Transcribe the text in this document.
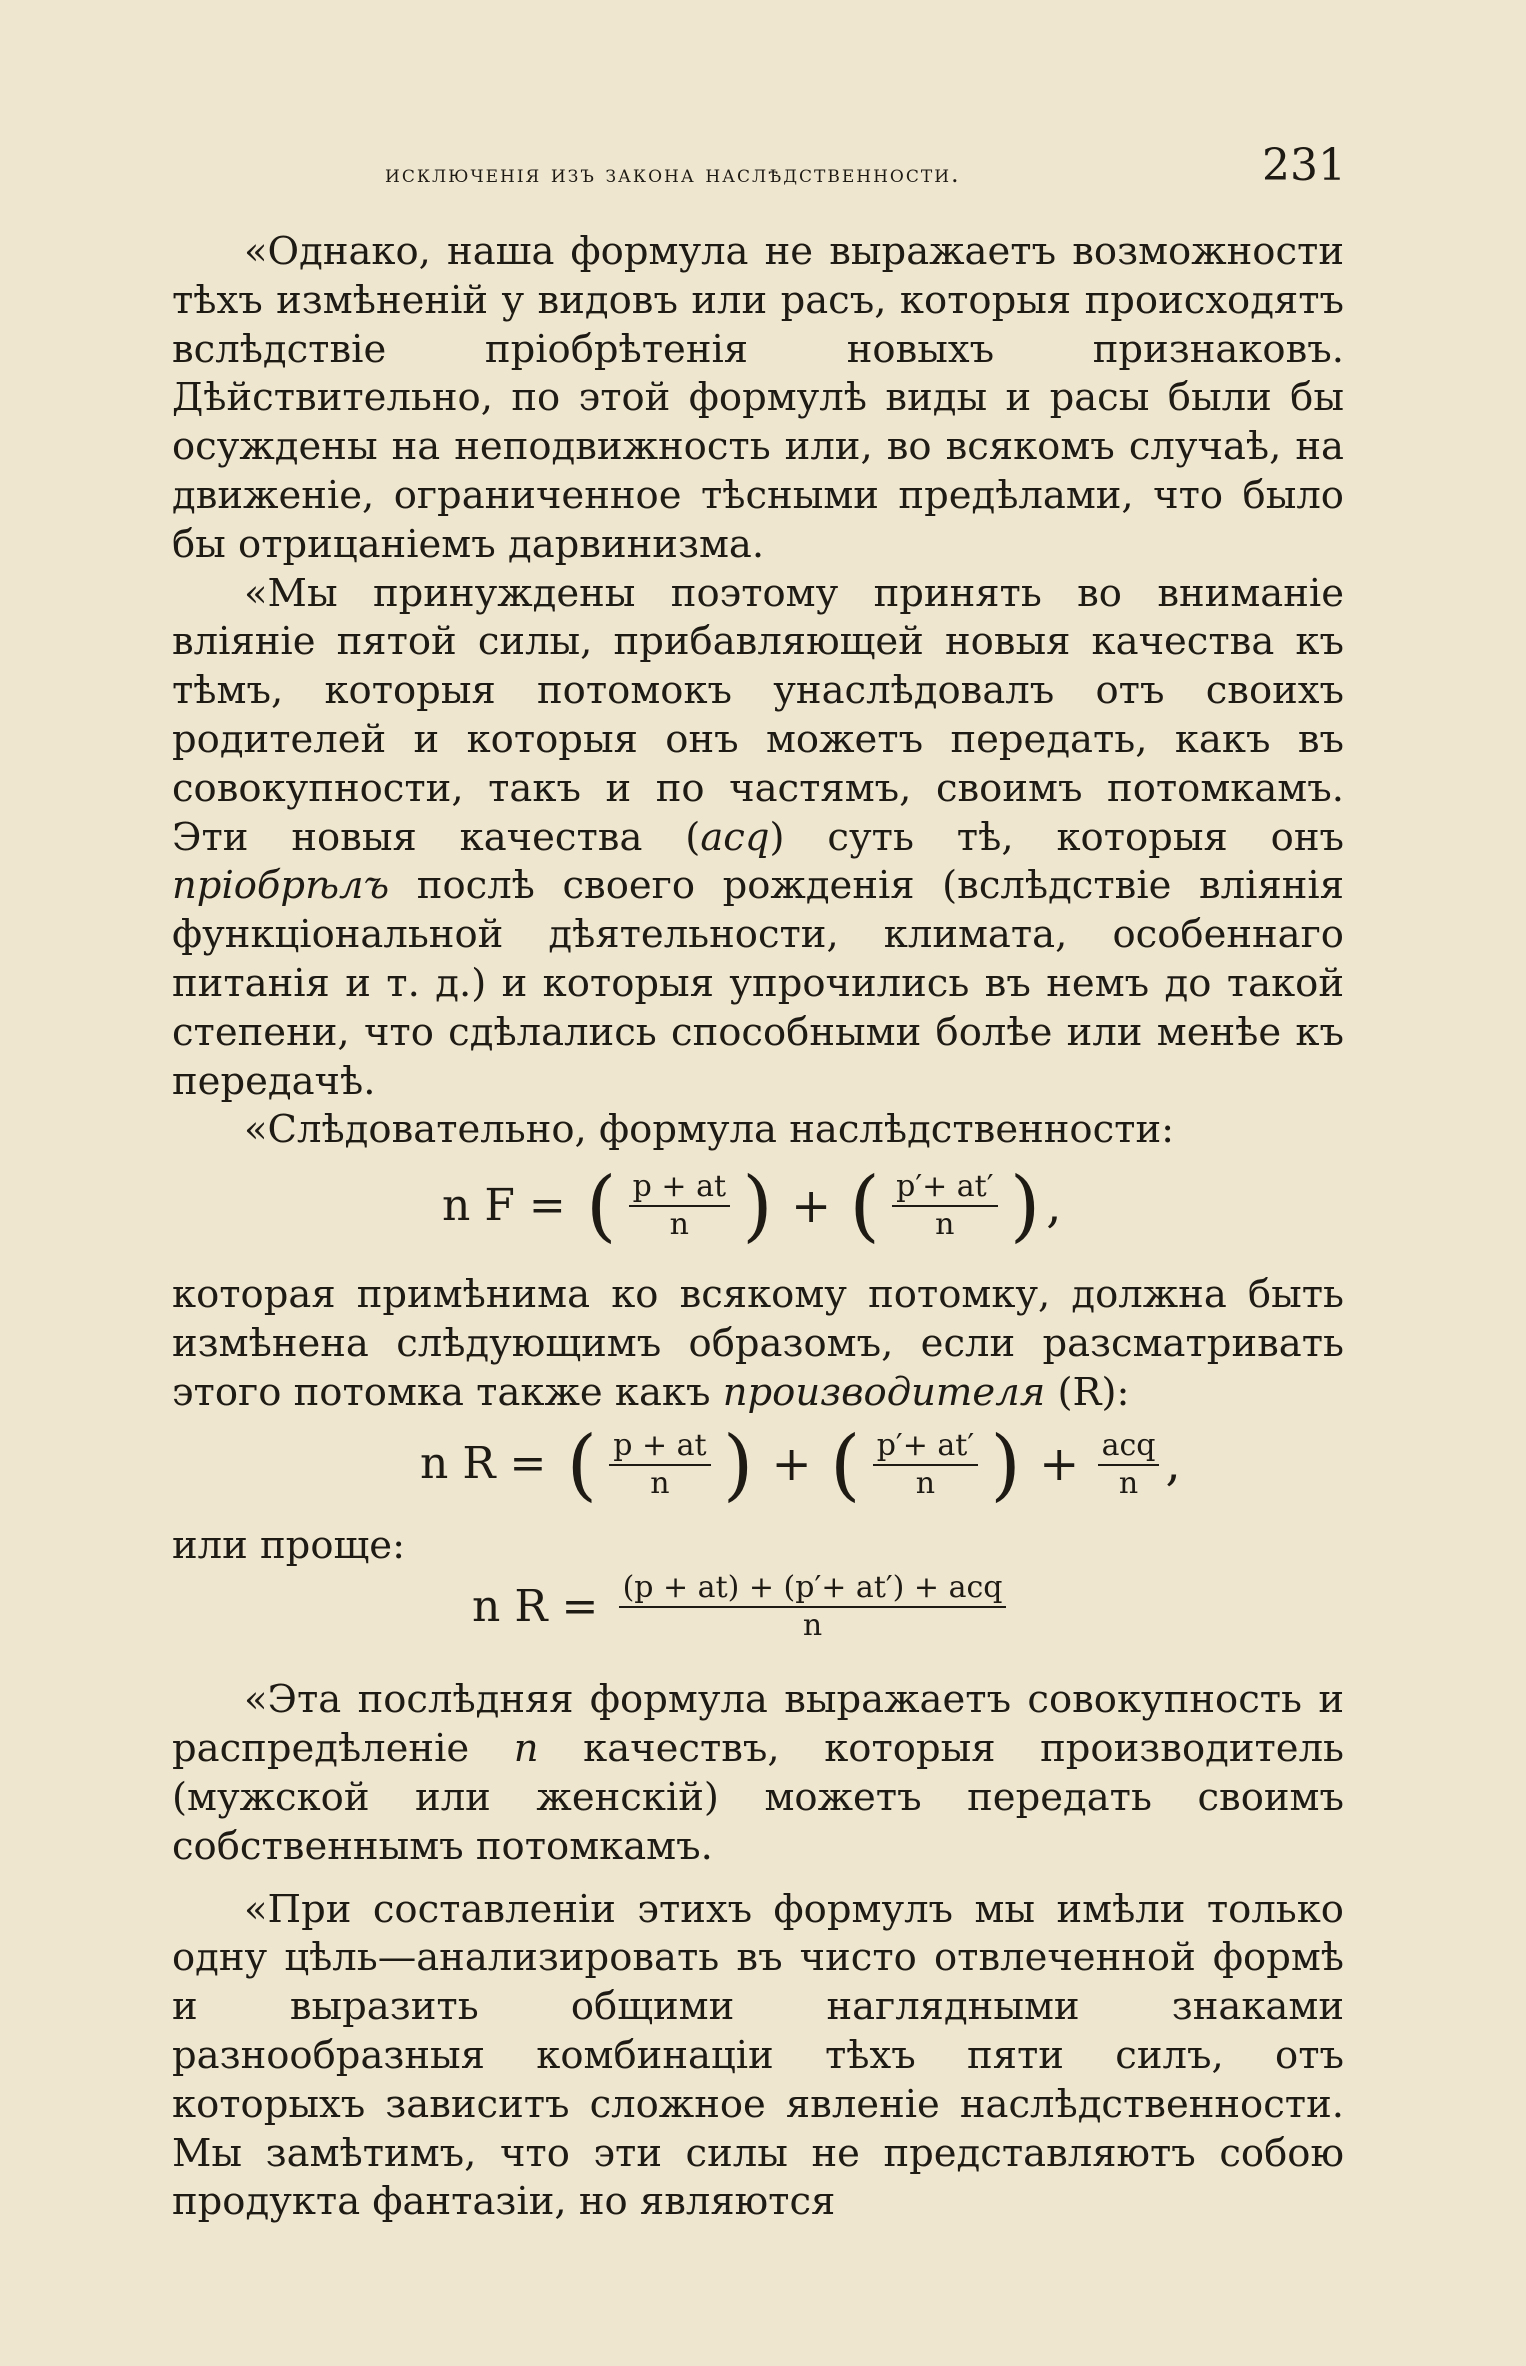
исключенія изъ закона наслѣдственности.	231

«Однако, наша формула не выражаетъ возможности тѣхъ измѣненій у видовъ или расъ, которыя происходятъ вслѣдствіе пріобрѣтенія новыхъ признаковъ. Дѣйствительно, по этой формулѣ виды и расы были бы осуждены на неподвижность или, во всякомъ случаѣ, на движеніе, ограниченное тѣсными предѣлами, что было бы отрицаніемъ дарвинизма.

«Мы принуждены поэтому принять во вниманіе вліяніе пятой силы, прибавляющей новыя качества къ тѣмъ, которыя потомокъ унаслѣдовалъ отъ своихъ родителей и которыя онъ можетъ передать, какъ въ совокупности, такъ и по частямъ, своимъ потомкамъ. Эти новыя качества (acq) суть тѣ, которыя онъ пріобрѣлъ послѣ своего рожденія (вслѣдствіе вліянія функціональной дѣятельности, климата, особеннаго питанія и т. д.) и которыя упрочились въ немъ до такой степени, что сдѣлались способными болѣе или менѣе къ передачѣ.

«Слѣдовательно, формула наслѣдственности:

n F = ( $\frac{p + at}{n}$ ) + ( $\frac{p'+ at'}{n}$ ) ,

которая примѣнима ко всякому потомку, должна быть измѣнена слѣдующимъ образомъ, если разсматривать этого потомка также какъ производителя (R):

n R = ( $\frac{p + at}{n}$ ) + ( $\frac{p'+ at'}{n}$ ) + $\frac{\text{acq}}{n}$ ,

или проще:

n $R = \frac{\text{(p + at) + (p′+ at′) + acq}}{n}$

«Эта послѣдняя формула выражаетъ совокупность и распредѣленіе n качествъ, которыя производитель (мужской или женскій) можетъ передать своимъ собственнымъ потомкамъ.

«При составленіи этихъ формулъ мы имѣли только одну цѣль—анализировать въ чисто отвлеченной формѣ и выразить общими наглядными знаками разнообразныя комбинаціи тѣхъ пяти силъ, отъ которыхъ зависитъ сложное явленіе наслѣдственности. Мы замѣтимъ, что эти силы не представляютъ собою продукта фантазіи, но являются
